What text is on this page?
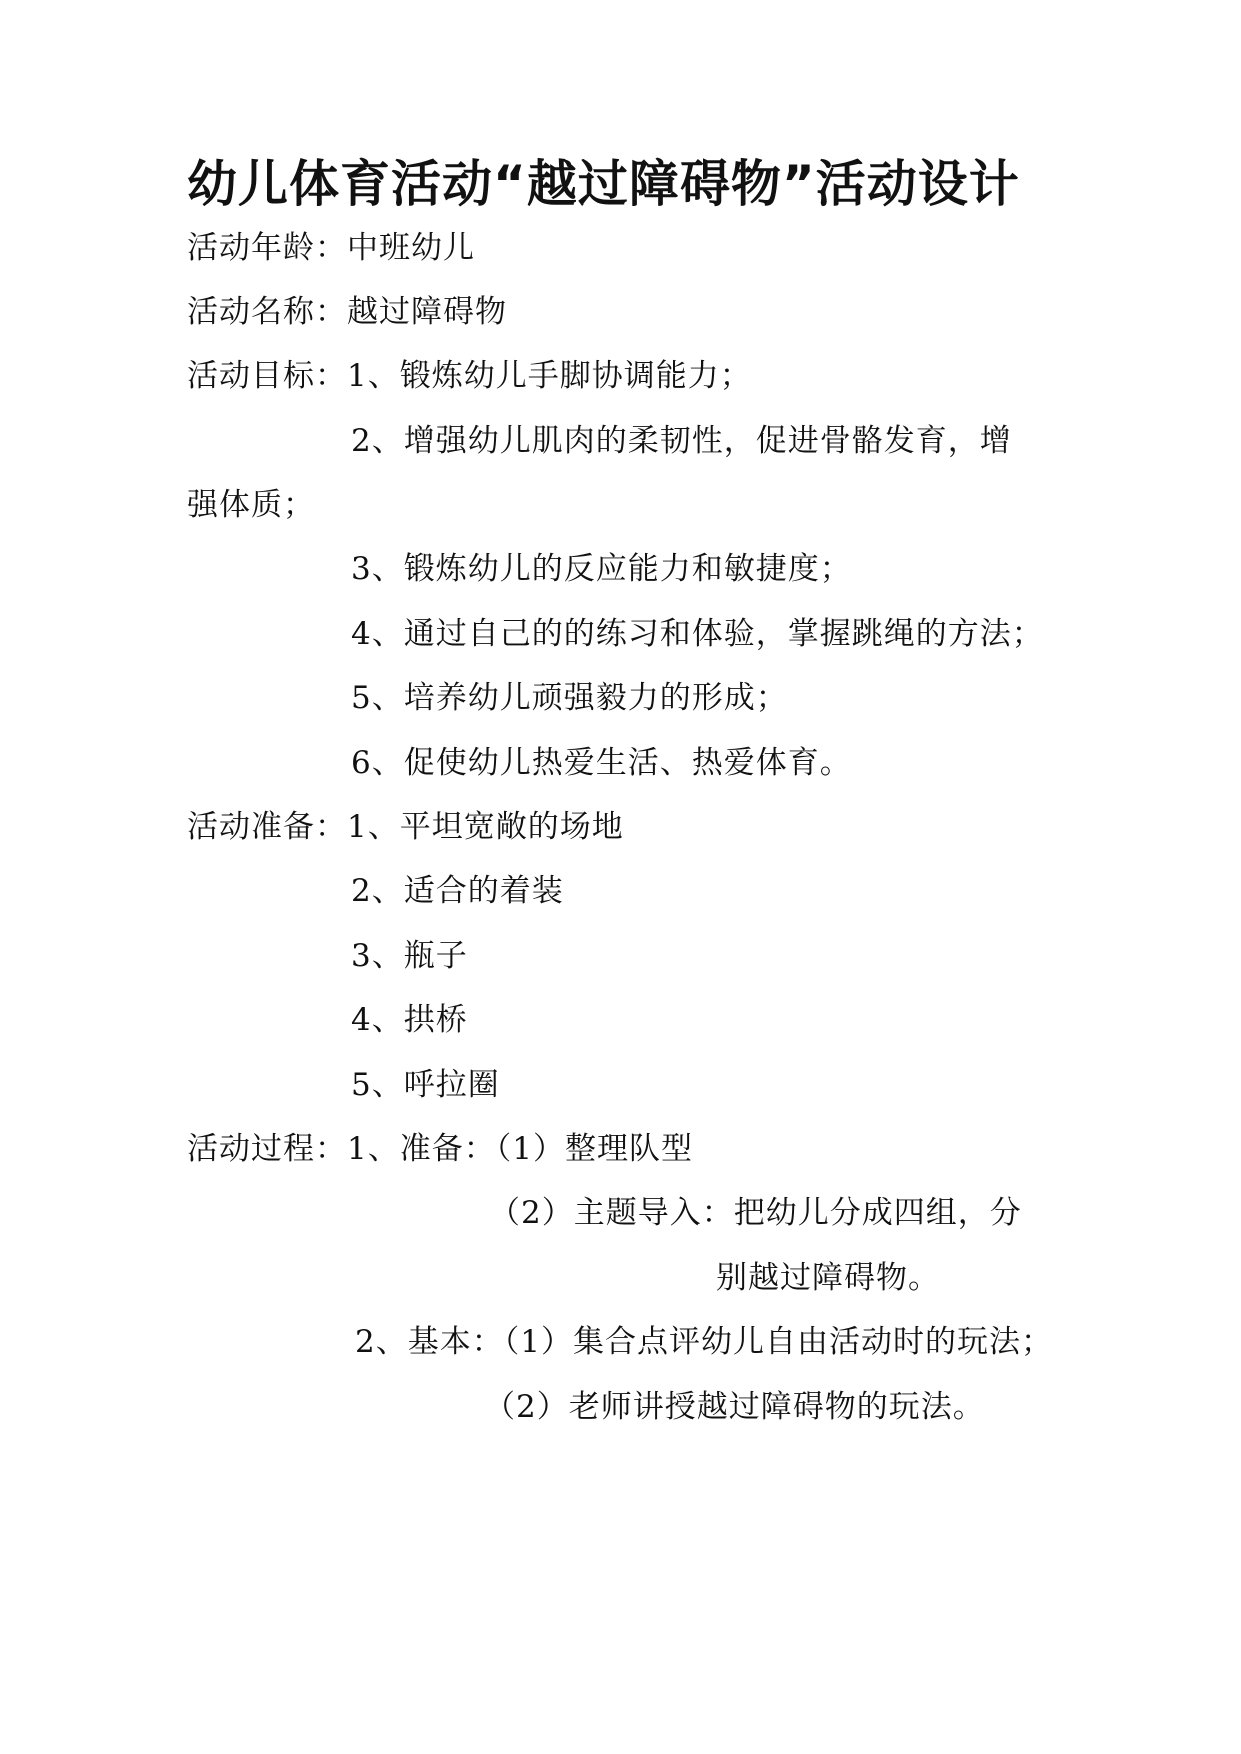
幼儿体育活动“越过障碍物”活动设计
活动年龄：中班幼儿
活动名称：越过障碍物
活动目标：1、锻炼幼儿手脚协调能力；
2、增强幼儿肌肉的柔韧性，促进骨骼发育，增
强体质；
3、锻炼幼儿的反应能力和敏捷度；
4、通过自己的的练习和体验，掌握跳绳的方法；
5、培养幼儿顽强毅力的形成；
6、促使幼儿热爱生活、热爱体育。
活动准备：1、平坦宽敞的场地
2、适合的着装
3、瓶子
4、拱桥
5、呼拉圈
活动过程：1、准备：（1）整理队型
（2）主题导入：把幼儿分成四组，分
别越过障碍物。
2、基本：（1）集合点评幼儿自由活动时的玩法；
（2）老师讲授越过障碍物的玩法。
